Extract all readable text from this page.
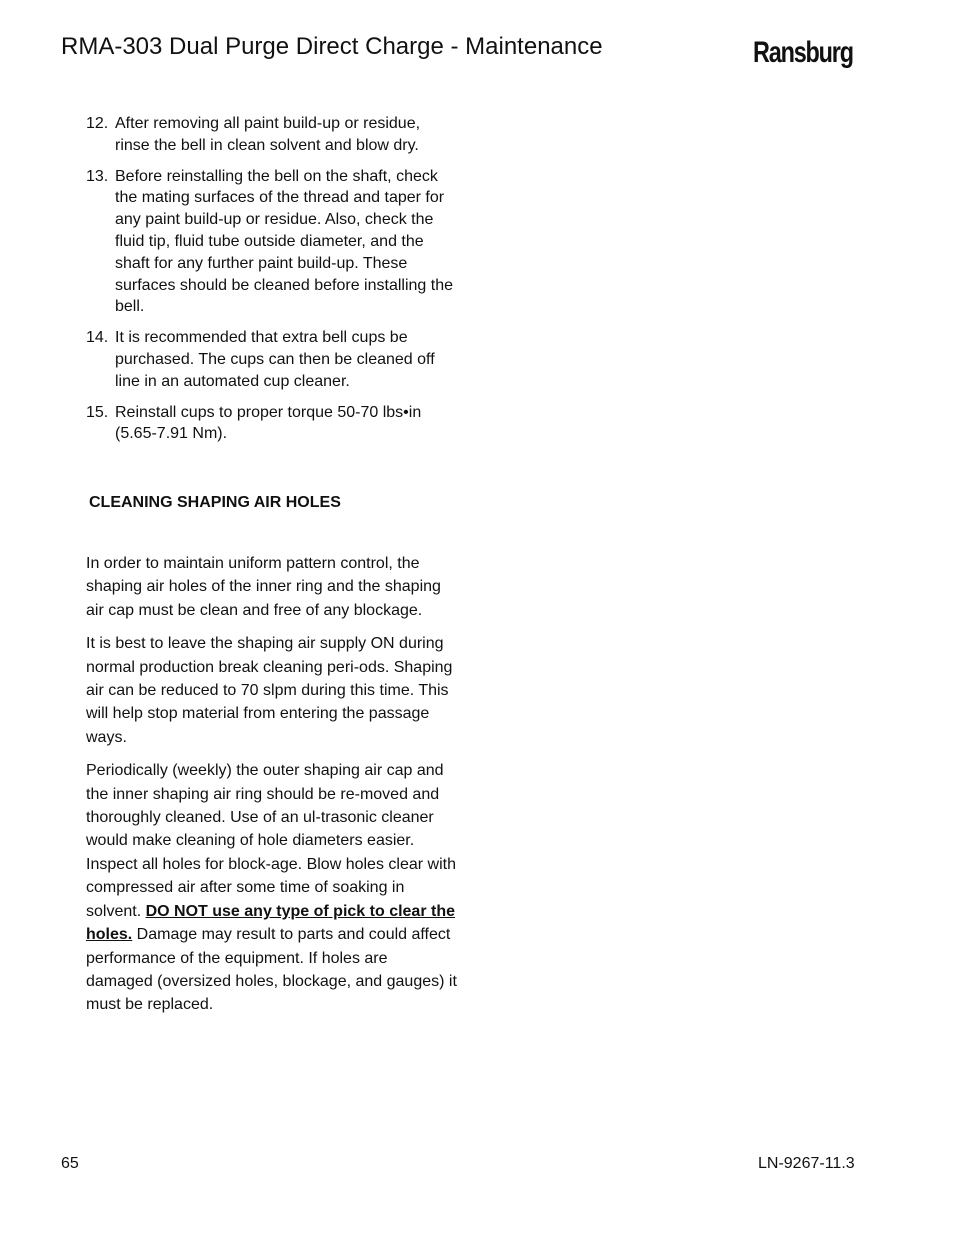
RMA-303 Dual Purge Direct Charge - Maintenance	Ransburg
12. After removing all paint build-up or residue, rinse the bell in clean solvent and blow dry.
13. Before reinstalling the bell on the shaft, check the mating surfaces of the thread and taper for any paint build-up or residue. Also, check the fluid tip, fluid tube outside diameter, and the shaft for any further paint build-up. These surfaces should be cleaned before installing the bell.
14. It is recommended that extra bell cups be purchased. The cups can then be cleaned off line in an automated cup cleaner.
15. Reinstall cups to proper torque 50-70 lbs•in (5.65-7.91 Nm).
CLEANING SHAPING AIR HOLES

In order to maintain uniform pattern control, the shaping air holes of the inner ring and the shaping air cap must be clean and free of any blockage.

It is best to leave the shaping air supply ON during normal production break cleaning peri-ods. Shaping air can be reduced to 70 slpm during this time. This will help stop material from entering the passage ways.

Periodically (weekly) the outer shaping air cap and the inner shaping air ring should be re-moved and thoroughly cleaned. Use of an ul-trasonic cleaner would make cleaning of hole diameters easier. Inspect all holes for block-age. Blow holes clear with compressed air after some time of soaking in solvent. DO NOT use any type of pick to clear the holes. Damage may result to parts and could affect performance of the equipment. If holes are damaged (oversized holes, blockage, and gauges) it must be replaced.

65	LN-9267-11.3
